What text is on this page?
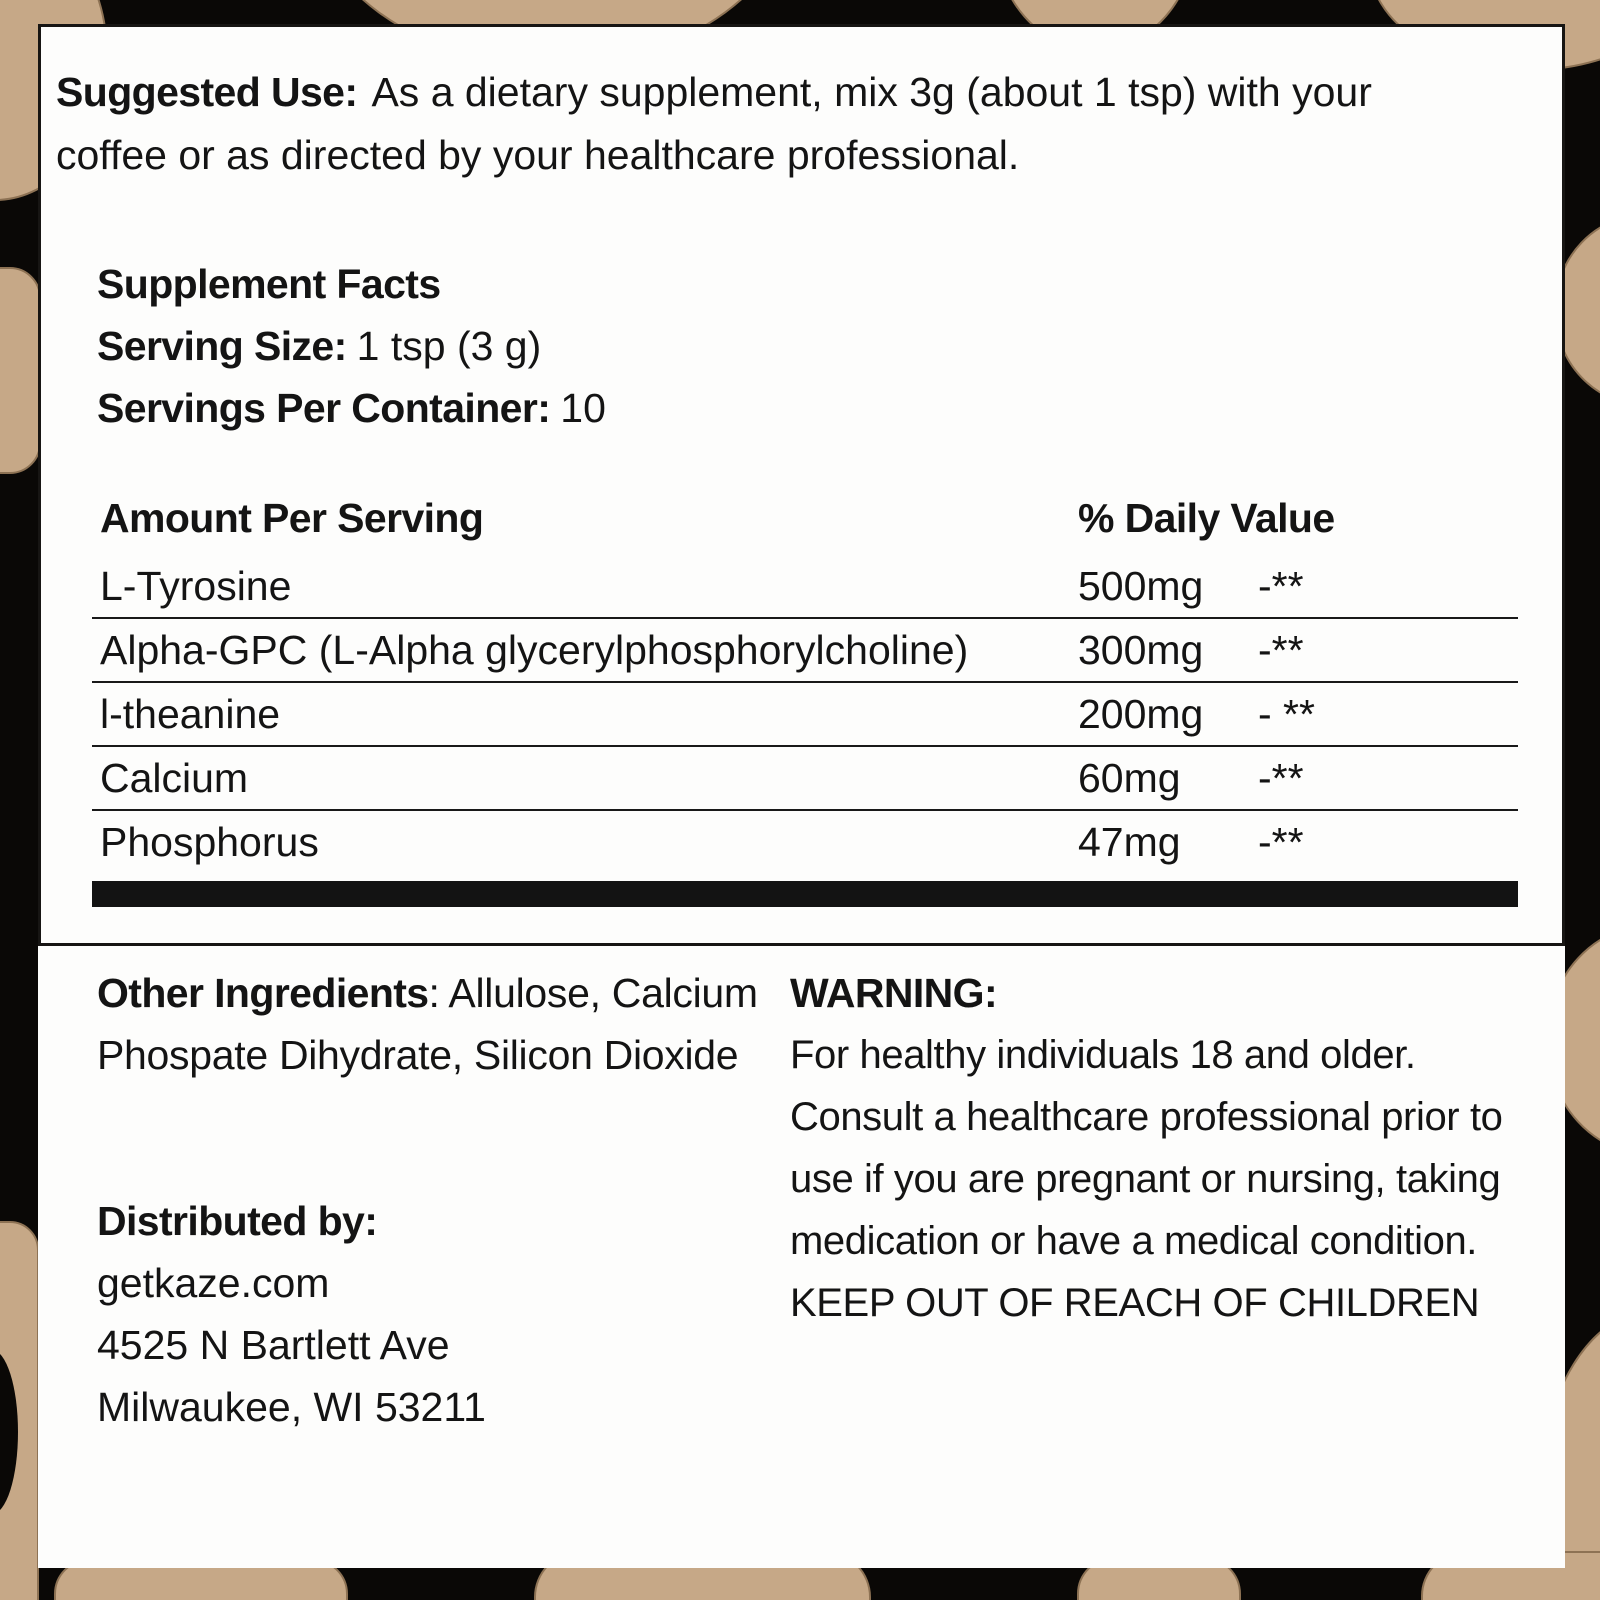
Suggested Use: As a dietary supplement, mix 3g (about 1 tsp) with your coffee or as directed by your healthcare professional.
Supplement Facts
Serving Size: 1 tsp (3 g)
Servings Per Container: 10
Amount Per Serving	% Daily Value
L-Tyrosine	500mg	-**
Alpha-GPC (L-Alpha glycerylphosphorylcholine)	300mg	-**
l-theanine	200mg	- **
Calcium	60mg	-**
Phosphorus	47mg	-**
Other Ingredients: Allulose, Calcium Phospate Dihydrate, Silicon Dioxide
Distributed by:
getkaze.com
4525 N Bartlett Ave
Milwaukee, WI 53211
WARNING:
For healthy individuals 18 and older. Consult a healthcare professional prior to use if you are pregnant or nursing, taking medication or have a medical condition. KEEP OUT OF REACH OF CHILDREN
